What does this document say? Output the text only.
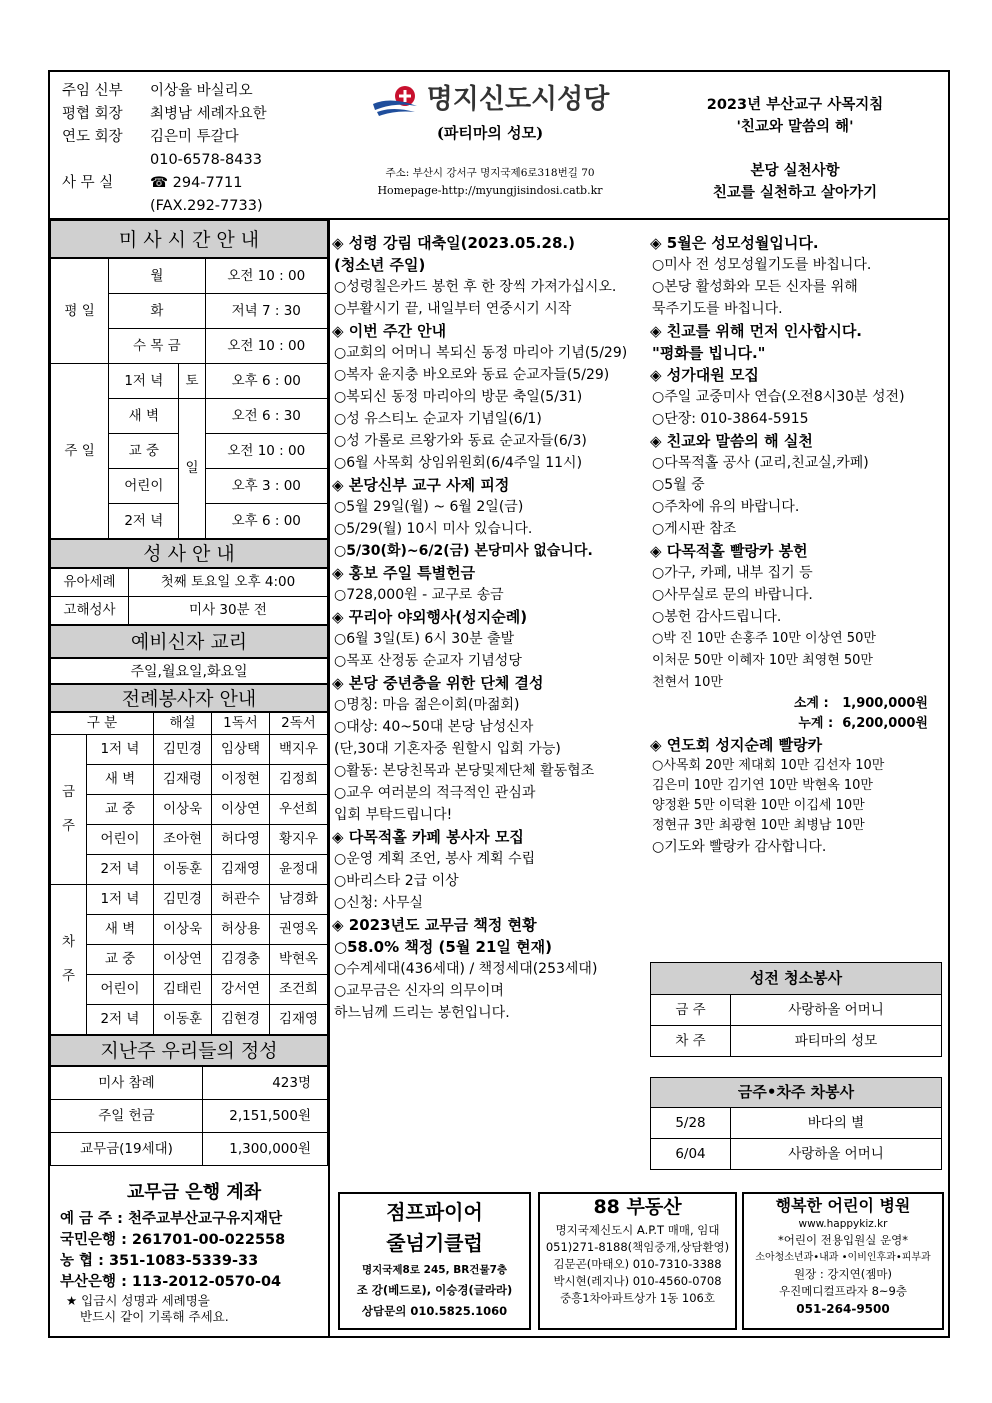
주임 신부 이상율 바실리오
평협 회장 최병남 세례자요한
연도 회장 김은미 투갈다
010-6578-8433
사 무 실	☎ 294-7711
(FAX.292-7733)
명지신도시성당
(파티마의 성모)
주소: 부산시 강서구 명지국제6로318번길 70
Homepage-http://myungjisindosi.catb.kr
2023년 부산교구 사목지침
'친교와 말씀의 해'
본당 실천사항
친교를 실천하고 살아가기
미 사 시 간 안 내
평 일	월		오전 10 : 00
	화		저녁 7 : 30
	수 목 금		오전 10 : 00
주 일	1저 녁	토	오후 6 : 00
	새 벽	일	오전 6 : 30
	교 중		오전 10 : 00
	어린이		오후 3 : 00
	2저 녁		오후 6 : 00
성 사 안 내
유아세례	첫째 토요일 오후 4:00
고해성사	미사 30분 전
예비신자 교리
주일,월요일,화요일
전례봉사자 안내
구 분		해설	1독서	2독서
금

주	1저 녁	김민경	임상택	백지우
	새 벽	김재령	이정현	김정희
	교 중	이상욱	이상연	우선희
	어린이	조아현	허다영	황지우
	2저 녁	이동훈	김재영	윤정대
차

주	1저 녁	김민경	허관수	남경화
	새 벽	이상욱	허상용	권영옥
	교 중	이상연	김경충	박현옥
	어린이	김태린	강서연	조건희
	2저 녁	이동훈	김현경	김재영
지난주 우리들의 정성
미사 참례	423명
주일 헌금	2,151,500원
교무금(19세대)	1,300,000원
교무금 은행 계좌
예 금 주 : 천주교부산교구유지재단
국민은행 : 261701-00-022558
농 협 : 351-1083-5339-33
부산은행 : 113-2012-0570-04
★ 입금시 성명과 세례명을
반드시 같이 기록해 주세요.
◈ 성령 강림 대축일(2023.05.28.)
(청소년 주일)
○성령칠은카드 봉헌 후 한 장씩 가져가십시오.
○부활시기 끝, 내일부터 연중시기 시작
◈ 이번 주간 안내
○교회의 어머니 복되신 동정 마리아 기념(5/29)
○복자 윤지충 바오로와 동료 순교자들(5/29)
○복되신 동정 마리아의 방문 축일(5/31)
○성 유스티노 순교자 기념일(6/1)
○성 가롤로 르왕가와 동료 순교자들(6/3)
○6월 사목회 상임위원회(6/4주일 11시)
◈ 본당신부 교구 사제 피정
○5월 29일(월) ~ 6월 2일(금)
○5/29(월) 10시 미사 있습니다.
○5/30(화)~6/2(금) 본당미사 없습니다.
◈ 홍보 주일 특별헌금
○728,000원 - 교구로 송금
◈ 꾸리아 야외행사(성지순례)
○6월 3일(토) 6시 30분 출발
○목포 산정동 순교자 기념성당
◈ 본당 중년층을 위한 단체 결성
○명칭: 마음 젊은이회(마젊회)
○대상: 40~50대 본당 남성신자
(단,30대 기혼자중 원할시 입회 가능)
○활동: 본당친목과 본당및제단체 활동협조
○교우 여러분의 적극적인 관심과
입회 부탁드립니다!
◈ 다목적홀 카페 봉사자 모집
○운영 계획 조언, 봉사 계획 수립
○바리스타 2급 이상
○신청: 사무실
◈ 2023년도 교무금 책정 현황
○58.0% 책정 (5월 21일 현재)
○수계세대(436세대) / 책정세대(253세대)
○교무금은 신자의 의무이며
하느님께 드리는 봉헌입니다.
◈ 5월은 성모성월입니다.
○미사 전 성모성월기도를 바칩니다.
○본당 활성화와 모든 신자를 위해
묵주기도를 바칩니다.
◈ 친교를 위해 먼저 인사합시다.
"평화를 빕니다."
◈ 성가대원 모집
○주일 교중미사 연습(오전8시30분 성전)
○단장: 010-3864-5915
◈ 친교와 말씀의 해 실천
○다목적홀 공사 (교리,친교실,카페)
○5월 중
○주차에 유의 바랍니다.
○게시판 참조
◈ 다목적홀 빨랑카 봉헌
○가구, 카페, 내부 집기 등
○사무실로 문의 바랍니다.
○봉헌 감사드립니다.
○박 진 10만 손홍주 10만 이상연 50만
이처문 50만 이혜자 10만 최영현 50만
천현서 10만
소계 : 1,900,000원
누계 : 6,200,000원
◈ 연도회 성지순례 빨랑카
○사목회 20만 제대회 10만 김선자 10만
김은미 10만 김기연 10만 박현옥 10만
양정환 5만 이덕환 10만 이깁세 10만
정현규 3만 최광현 10만 최병남 10만
○기도와 빨랑카 감사합니다.
성전 청소봉사	
금 주	사랑하올 어머니
차 주	파티마의 성모
금주•차주 차봉사	
5/28	바다의 별
6/04	사랑하올 어머니
점프파이어
줄넘기클럽
명지국제8로 245, BR건물7층
조 강(베드로), 이승경(글라라)
상담문의 010.5825.1060
88 부동산
명지국제신도시 A.P.T 매매, 임대
051)271-8188(책임중개,상담환영)
김문곤(마태오) 010-7310-3388
박시현(레지나) 010-4560-0708
중흥1차아파트상가 1동 106호
행복한 어린이 병원
www.happykiz.kr
*어린이 전용입원실 운영*
소아청소년과•내과 •이비인후과•피부과
원장 : 강지연(젬마)
우진메디컬프라자 8~9층
051-264-9500
